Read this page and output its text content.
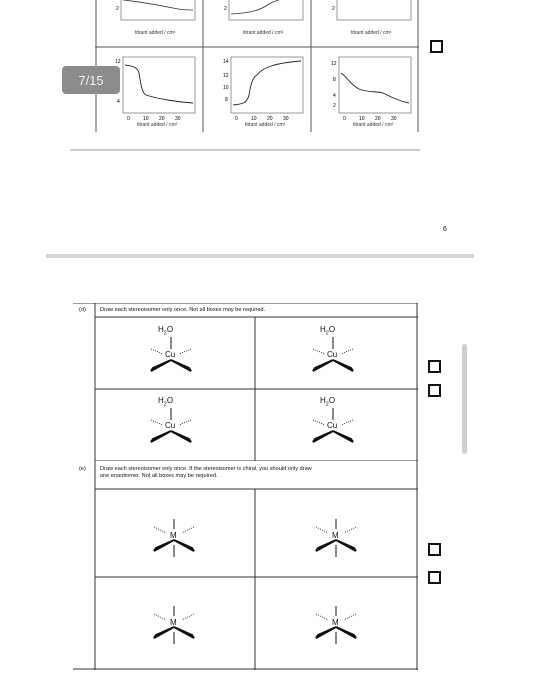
2	2	2
titrant added / cm³	titrant added / cm³	titrant added / cm³
12
4
0	10 20 30
14
12
10
8
0	10 20 30
12
8
4
2
0	10 20 30
titrant added / cm³	titrant added / cm³	titrant added / cm³
7/15
6
(d)	Draw each stereoisomer only once. Not all boxes may be required.
$H_2O$
Cu
$H_2O$
Cu
$H_2O$
Cu
$H_2O$
Cu
(e)	Draw each stereoisomer only once. If the stereoisomer is chiral, you should only draw
one enantiomer. Not all boxes may be required.
M	M
M	M
